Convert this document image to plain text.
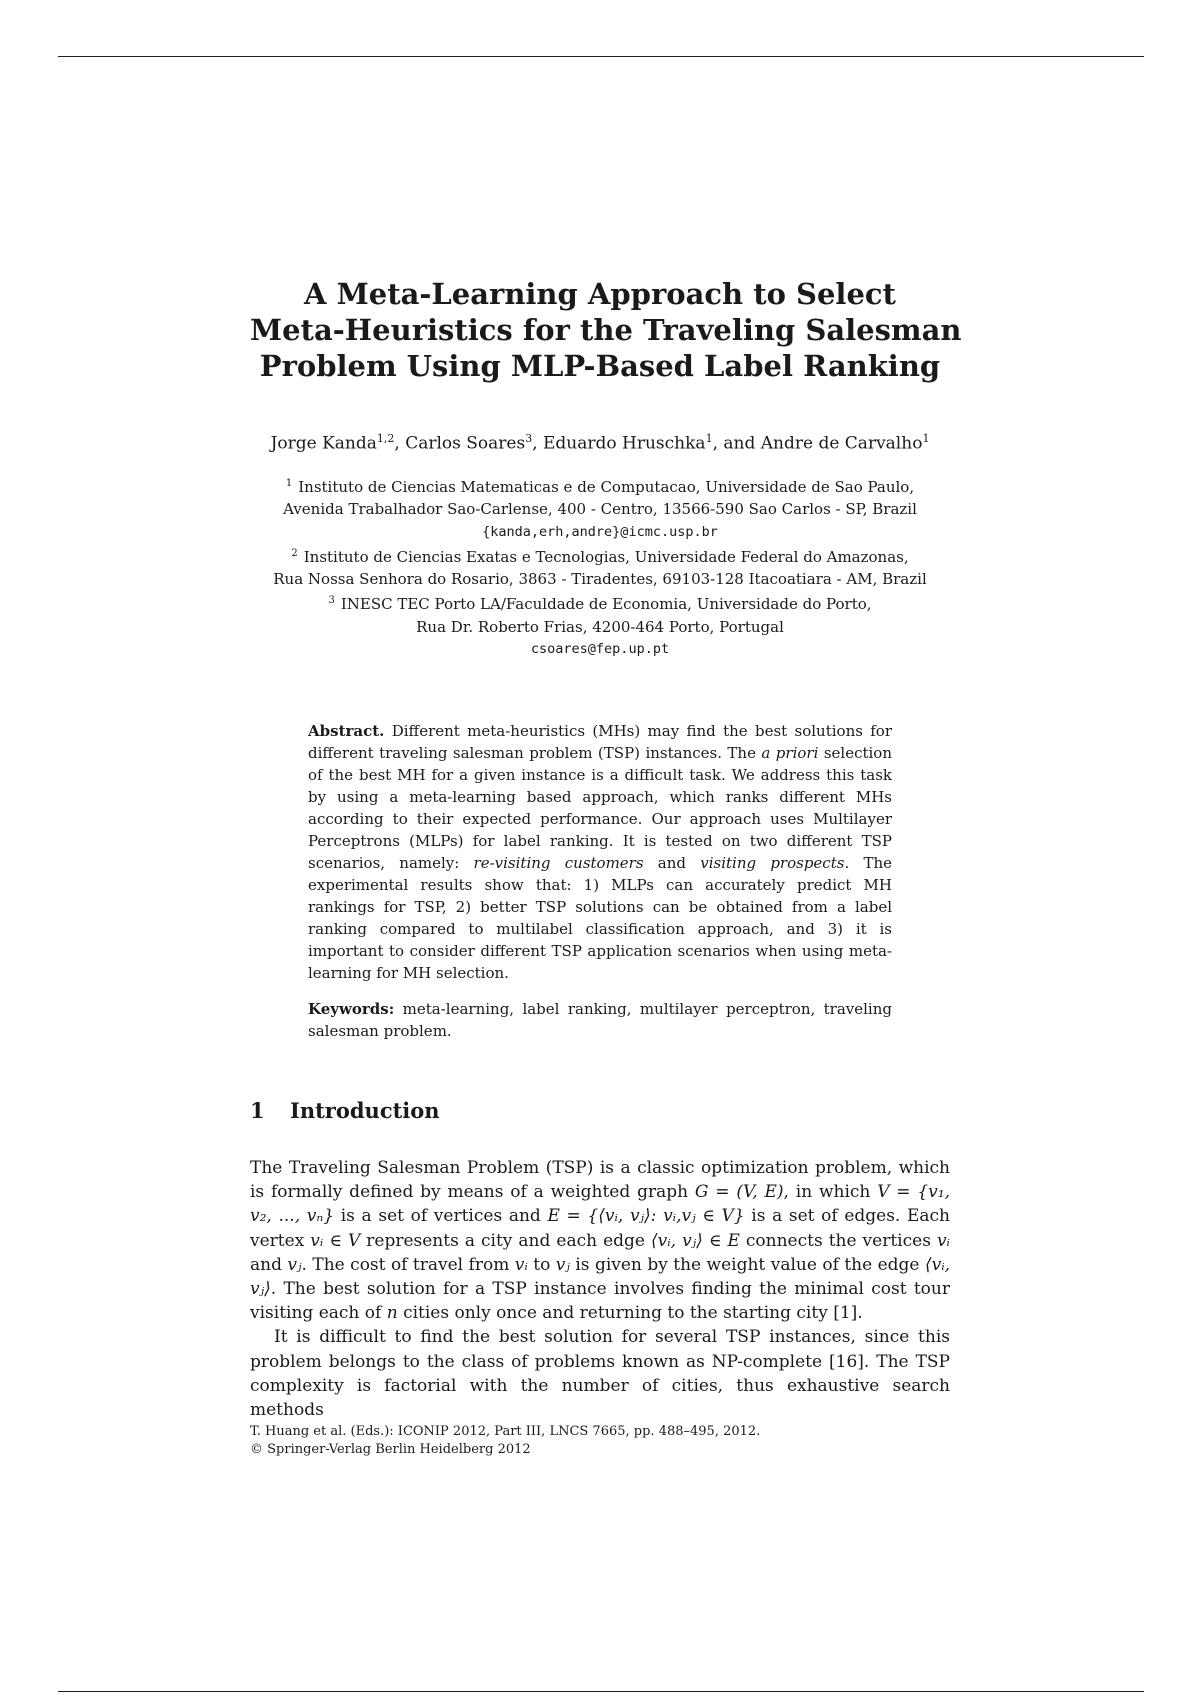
A Meta-Learning Approach to Select
Meta-Heuristics for the Traveling Salesman
Problem Using MLP-Based Label Ranking
Jorge Kanda$^{1,2}$, Carlos Soares$^3$, Eduardo Hruschka$^1$, and Andre de Carvalho$^1$
$^1$ Instituto de Ciencias Matematicas e de Computacao, Universidade de Sao Paulo,
Avenida Trabalhador Sao-Carlense, 400 - Centro, 13566-590 Sao Carlos - SP, Brazil
{kanda,erh,andre}@icmc.usp.br
$^2$ Instituto de Ciencias Exatas e Tecnologias, Universidade Federal do Amazonas,
Rua Nossa Senhora do Rosario, 3863 - Tiradentes, 69103-128 Itacoatiara - AM, Brazil
$^3$ INESC TEC Porto LA/Faculdade de Economia, Universidade do Porto,
Rua Dr. Roberto Frias, 4200-464 Porto, Portugal
csoares@fep.up.pt

Abstract. Different meta-heuristics (MHs) may find the best solutions for different traveling salesman problem (TSP) instances. The a priori selection of the best MH for a given instance is a difficult task. We address this task by using a meta-learning based approach, which ranks different MHs according to their expected performance. Our approach uses Multilayer Perceptrons (MLPs) for label ranking. It is tested on two different TSP scenarios, namely: re-visiting customers and visiting prospects. The experimental results show that: 1) MLPs can accurately predict MH rankings for TSP, 2) better TSP solutions can be obtained from a label ranking compared to multilabel classification approach, and 3) it is important to consider different TSP application scenarios when using meta-learning for MH selection.

Keywords: meta-learning, label ranking, multilayer perceptron, traveling salesman problem.

1 Introduction

The Traveling Salesman Problem (TSP) is a classic optimization problem, which is formally defined by means of a weighted graph G = (V, E), in which V = {v₁, v₂, ..., vₙ} is a set of vertices and E = {⟨vᵢ, vⱼ⟩: vᵢ,vⱼ ∈ V} is a set of edges. Each vertex vᵢ ∈ V represents a city and each edge ⟨vᵢ, vⱼ⟩ ∈ E connects the vertices vᵢ and vⱼ. The cost of travel from vᵢ to vⱼ is given by the weight value of the edge ⟨vᵢ, vⱼ⟩. The best solution for a TSP instance involves finding the minimal cost tour visiting each of n cities only once and returning to the starting city [1].

It is difficult to find the best solution for several TSP instances, since this problem belongs to the class of problems known as NP-complete [16]. The TSP complexity is factorial with the number of cities, thus exhaustive search methods

T. Huang et al. (Eds.): ICONIP 2012, Part III, LNCS 7665, pp. 488–495, 2012.
© Springer-Verlag Berlin Heidelberg 2012
